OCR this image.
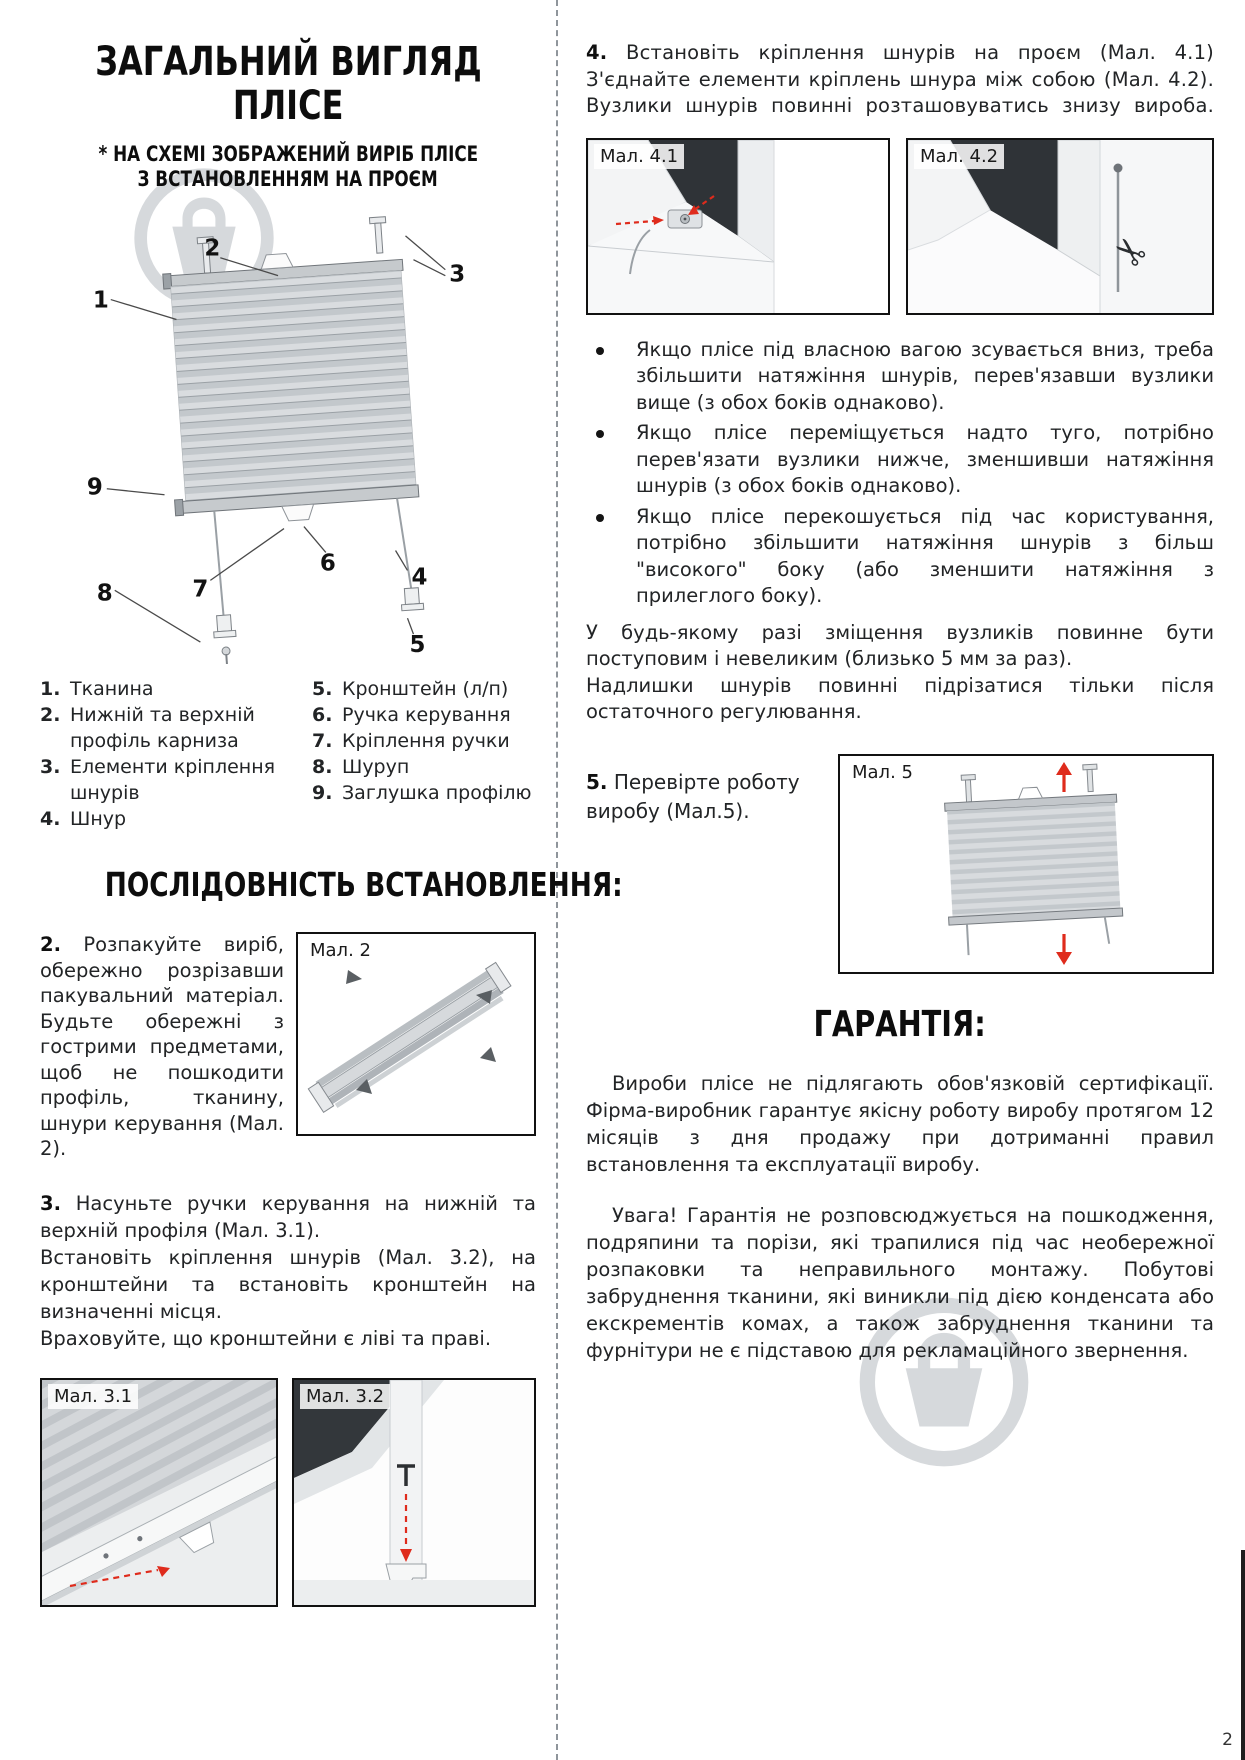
2
ЗАГАЛЬНИЙ ВИГЛЯД
ПЛІСЕ
* НА СХЕМІ ЗОБРАЖЕНИЙ ВИРІБ ПЛІСЕ
З ВСТАНОВЛЕННЯМ НА ПРОЄМ
1
2
3
4
5
6
7
8
9
1. Тканина
2. Нижній та верхній профіль карниза
3. Елементи кріплення шнурів
4. Шнур
5. Кронштейн (л/п)
6. Ручка керування
7. Кріплення ручки
8. Шуруп
9. Заглушка профілю
ПОСЛІДОВНІСТЬ ВСТАНОВЛЕННЯ:
2. Розпакуйте виріб, обережно розрізавши пакувальний матеріал. Будьте обережні з гострими предметами, щоб не пошкодити профіль, тканину, шнури керування (Мал. 2).
Мал. 2
3. Насуньте ручки керування на нижній та верхній профіля (Мал. 3.1).
Встановіть кріплення шнурів (Мал. 3.2), на кронштейни та встановіть кронштейн на визначенні місця.
Враховуйте, що кронштейни є ліві та праві.
Мал. 3.1	Мал. 3.2

4. Встановіть кріплення шнурів на проєм (Мал. 4.1) З'єднайте елементи кріплень шнура між собою (Мал. 4.2). Вузлики шнурів повинні розташовуватись знизу вироба.

Мал. 4.1	Мал. 4.2
✂
Якщо плісе під власною вагою зсувається вниз, треба збільшити натяжіння шнурів, перев'язавши вузлики вище (з обох боків однаково).
Якщо плісе переміщується надто туго, потрібно перев'язати вузлики нижче, зменшивши натяжіння шнурів (з обох боків однаково).
Якщо плісе перекошується під час користування, потрібно збільшити натяжіння шнурів з більш "високого" боку (або зменшити натяжіння з прилеглого боку).
У будь-якому разі зміщення вузликів повинне бути поступовим і невеликим (близько 5 мм за раз).
Надлишки шнурів повинні підрізатися тільки після остаточного регулювання.
5. Перевірте роботу виробу (Мал.5).
Мал. 5
ГАРАНТІЯ:

Вироби плісе не підлягають обов'язковій сертифікації. Фірма-виробник гарантує якісну роботу виробу протягом 12 місяців з дня продажу при дотриманні правил встановлення та експлуатації виробу.

Увага! Гарантія не розповсюджується на пошкодження, подряпини та порізи, які трапилися під час необережної розпаковки та неправильного монтажу. Побутові забруднення тканини, які виникли під дією конденсата або екскрементів комах, а також забруднення тканини та фурнітури не є підставою для рекламаційного звернення.
